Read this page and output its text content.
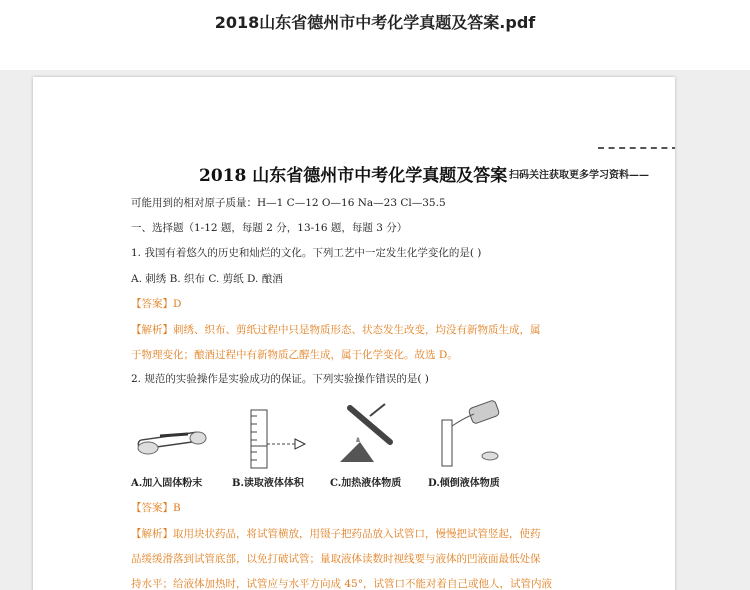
2018山东省德州市中考化学真题及答案.pdf
2018 山东省德州市中考化学真题及答案 扫码关注获取更多学习资料——
可能用到的相对原子质量：H—1 C—12 O—16 Na—23 Cl—35.5
一、选择题（1-12 题，每题 2 分，13-16 题，每题 3 分）
1. 我国有着悠久的历史和灿烂的文化。下列工艺中一定发生化学变化的是( )
A. 刺绣 B. 织布 C. 剪纸 D. 酿酒
【答案】D
【解析】刺绣、织布、剪纸过程中只是物质形态、状态发生改变，均没有新物质生成，属
于物理变化；酿酒过程中有新物质乙醇生成，属于化学变化。故选 D。
2. 规范的实验操作是实验成功的保证。下列实验操作错误的是( )
A.加入固体粉末	B.读取液体体积	C.加热液体物质	D.倾倒液体物质
【答案】B
【解析】取用块状药品，将试管横放，用镊子把药品放入试管口，慢慢把试管竖起，使药
品缓缓滑落到试管底部，以免打破试管；量取液体读数时视线要与液体的凹液面最低处保
持水平；给液体加热时，试管应与水平方向成 45°，试管口不能对着自己或他人，试管内液
